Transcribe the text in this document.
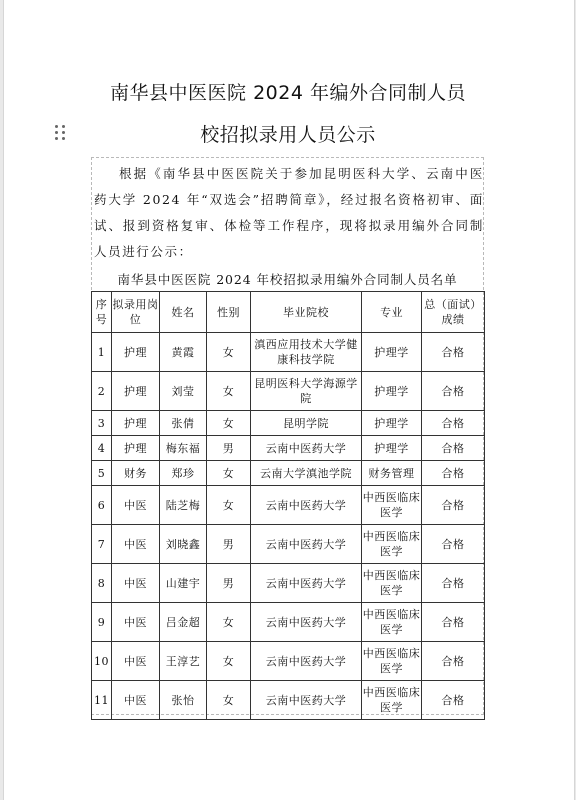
南华县中医医院 2024 年编外合同制人员
校招拟录用人员公示

根据《南华县中医医院关于参加昆明医科大学、云南中医药大学 2024 年“双选会”招聘简章》，经过报名资格初审、面试、报到资格复审、体检等工作程序，现将拟录用编外合同制人员进行公示：

南华县中医医院 2024 年校招拟录用编外合同制人员名单
序号	拟录用岗位	姓名	性别	毕业院校	专业	总（面试）成绩
1	护理	黄霞	女	滇西应用技术大学健康科技学院	护理学	合格
2	护理	刘莹	女	昆明医科大学海源学院	护理学	合格
3	护理	张倩	女	昆明学院	护理学	合格
4	护理	梅东福	男	云南中医药大学	护理学	合格
5	财务	郑珍	女	云南大学滇池学院	财务管理	合格
6	中医	陆芝梅	女	云南中医药大学	中西医临床医学	合格
7	中医	刘晓鑫	男	云南中医药大学	中西医临床医学	合格
8	中医	山建宇	男	云南中医药大学	中西医临床医学	合格
9	中医	吕金超	女	云南中医药大学	中西医临床医学	合格
10	中医	王淳艺	女	云南中医药大学	中西医临床医学	合格
11	中医	张怡	女	云南中医药大学	中西医临床医学	合格
